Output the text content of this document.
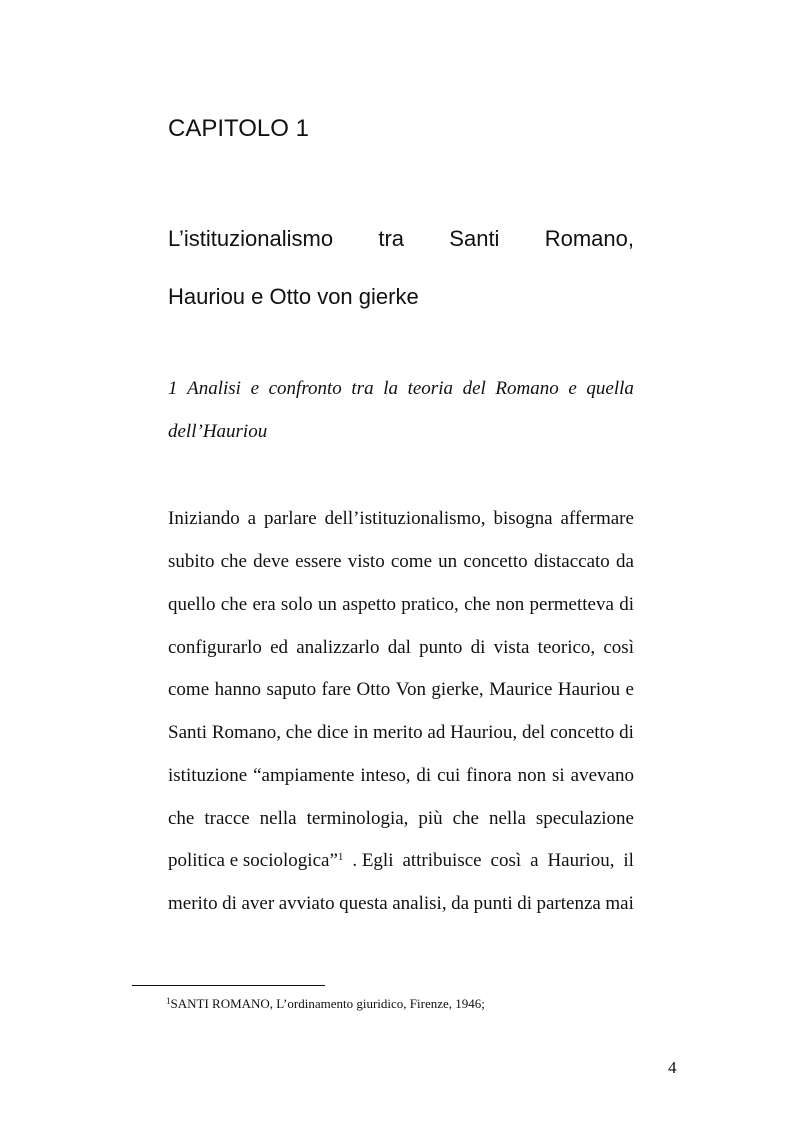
CAPITOLO 1
L’istituzionalismo tra Santi Romano,
Hauriou e Otto von gierke
1 Analisi e confronto tra la teoria del Romano e quella
dell’Hauriou
Iniziando a parlare dell’istituzionalismo, bisogna affermare
subito che deve essere visto come un concetto distaccato da
quello che era solo un aspetto pratico, che non permetteva di
configurarlo ed analizzarlo dal punto di vista teorico, così
come hanno saputo fare Otto Von gierke, Maurice Hauriou e
Santi Romano, che dice in merito ad Hauriou, del concetto di
istituzione “ampiamente inteso, di cui finora non si avevano
che tracce nella terminologia, più che nella speculazione
politica e sociologica”$^1$ . Egli attribuisce così a Hauriou, il
merito di aver avviato questa analisi, da punti di partenza mai
$^1$SANTI ROMANO, L’ordinamento giuridico, Firenze, 1946;
4
